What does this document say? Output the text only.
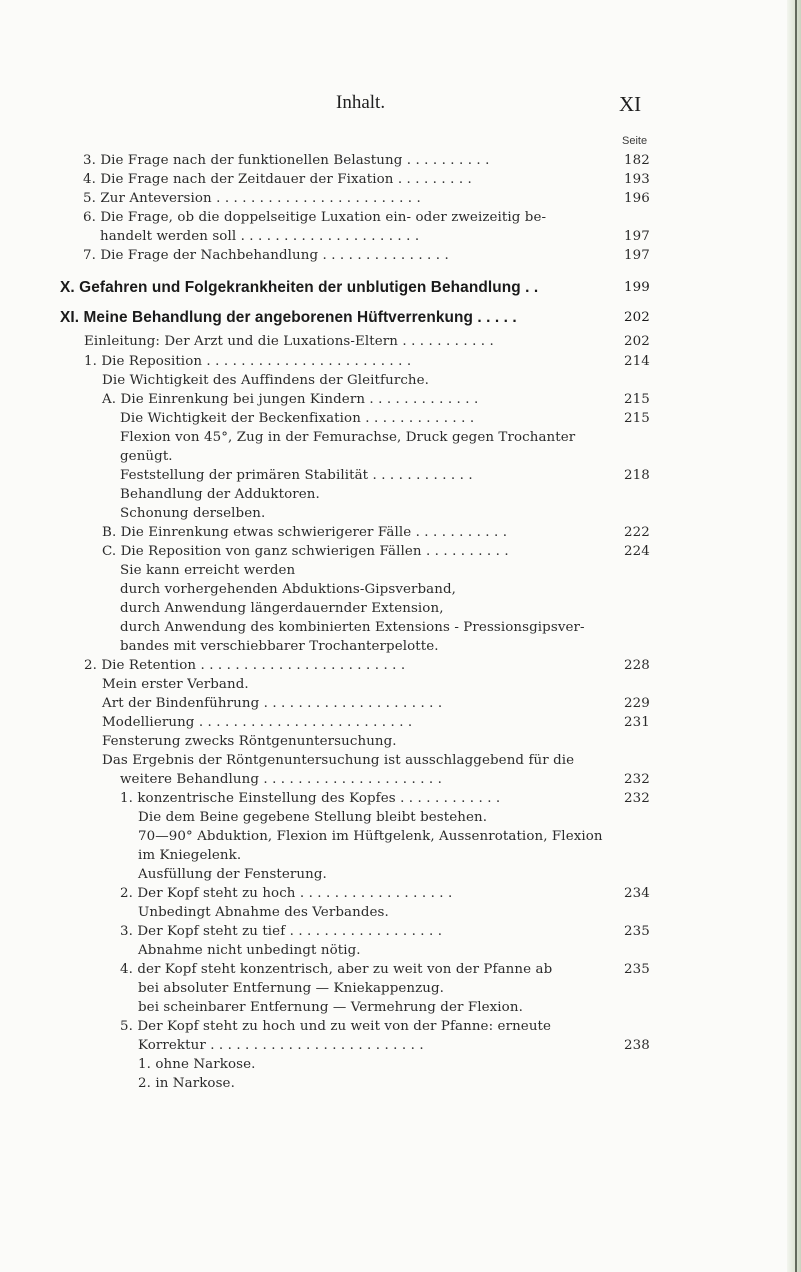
Inhalt.	XI
Seite
3. Die Frage nach der funktionellen Belastung . . . . . . . . . .	182
4. Die Frage nach der Zeitdauer der Fixation . . . . . . . . .	193
5. Zur Anteversion . . . . . . . . . . . . . . . . . . . . . . . .	196
6. Die Frage, ob die doppelseitige Luxation ein- oder zweizeitig be-
handelt werden soll . . . . . . . . . . . . . . . . . . . . .	197
7. Die Frage der Nachbehandlung . . . . . . . . . . . . . . .	197
X. Gefahren und Folgekrankheiten der unblutigen Behandlung . .	199
XI. Meine Behandlung der angeborenen Hüftverrenkung . . . . .	202
Einleitung: Der Arzt und die Luxations-Eltern . . . . . . . . . . .	202
1. Die Reposition . . . . . . . . . . . . . . . . . . . . . . . .	214
Die Wichtigkeit des Auffindens der Gleitfurche.
A. Die Einrenkung bei jungen Kindern . . . . . . . . . . . . .	215
Die Wichtigkeit der Beckenfixation . . . . . . . . . . . . .	215
Flexion von 45°, Zug in der Femurachse, Druck gegen Trochanter
genügt.
Feststellung der primären Stabilität . . . . . . . . . . . .	218
Behandlung der Adduktoren.
Schonung derselben.
B. Die Einrenkung etwas schwierigerer Fälle . . . . . . . . . . .	222
C. Die Reposition von ganz schwierigen Fällen . . . . . . . . . .	224
Sie kann erreicht werden
durch vorhergehenden Abduktions-Gipsverband,
durch Anwendung längerdauernder Extension,
durch Anwendung des kombinierten Extensions - Pressionsgipsver-
bandes mit verschiebbarer Trochanterpelotte.
2. Die Retention . . . . . . . . . . . . . . . . . . . . . . . .	228
Mein erster Verband.
Art der Bindenführung . . . . . . . . . . . . . . . . . . . . .	229
Modellierung . . . . . . . . . . . . . . . . . . . . . . . . .	231
Fensterung zwecks Röntgenuntersuchung.
Das Ergebnis der Röntgenuntersuchung ist ausschlaggebend für die
weitere Behandlung . . . . . . . . . . . . . . . . . . . . .	232
1. konzentrische Einstellung des Kopfes . . . . . . . . . . . .	232
Die dem Beine gegebene Stellung bleibt bestehen.
70—90° Abduktion, Flexion im Hüftgelenk, Aussenrotation, Flexion
im Kniegelenk.
Ausfüllung der Fensterung.
2. Der Kopf steht zu hoch . . . . . . . . . . . . . . . . . .	234
Unbedingt Abnahme des Verbandes.
3. Der Kopf steht zu tief . . . . . . . . . . . . . . . . . .	235
Abnahme nicht unbedingt nötig.
4. der Kopf steht konzentrisch, aber zu weit von der Pfanne ab	235
bei absoluter Entfernung — Kniekappenzug.
bei scheinbarer Entfernung — Vermehrung der Flexion.
5. Der Kopf steht zu hoch und zu weit von der Pfanne: erneute
Korrektur . . . . . . . . . . . . . . . . . . . . . . . . .	238
1. ohne Narkose.
2. in Narkose.
